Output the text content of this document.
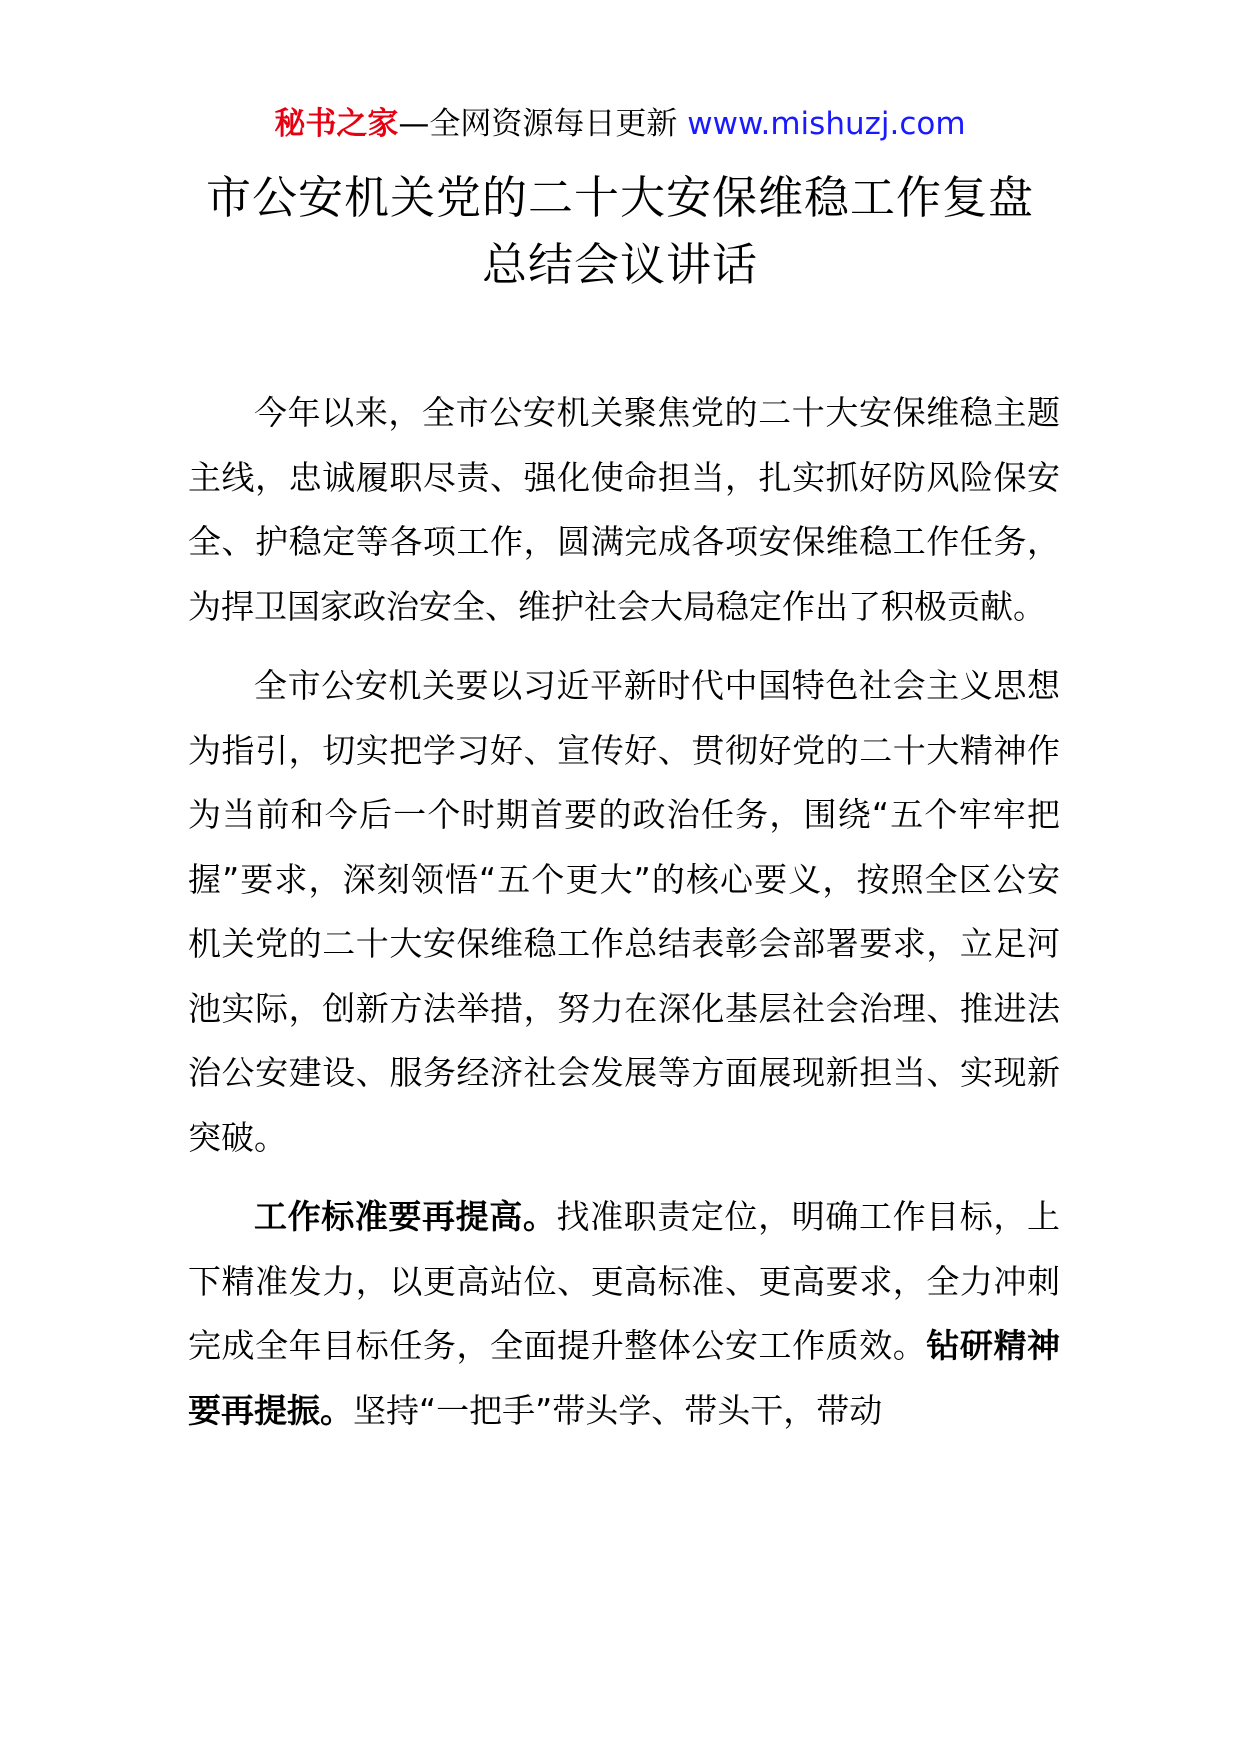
秘书之家—全网资源每日更新 www.mishuzj.com
市公安机关党的二十大安保维稳工作复盘
总结会议讲话

今年以来，全市公安机关聚焦党的二十大安保维稳主题主线，忠诚履职尽责、强化使命担当，扎实抓好防风险保安全、护稳定等各项工作，圆满完成各项安保维稳工作任务，为捍卫国家政治安全、维护社会大局稳定作出了积极贡献。

全市公安机关要以习近平新时代中国特色社会主义思想为指引，切实把学习好、宣传好、贯彻好党的二十大精神作为当前和今后一个时期首要的政治任务，围绕“五个牢牢把握”要求，深刻领悟“五个更大”的核心要义，按照全区公安机关党的二十大安保维稳工作总结表彰会部署要求，立足河池实际，创新方法举措，努力在深化基层社会治理、推进法治公安建设、服务经济社会发展等方面展现新担当、实现新突破。

工作标准要再提高。找准职责定位，明确工作目标，上下精准发力，以更高站位、更高标准、更高要求，全力冲刺完成全年目标任务，全面提升整体公安工作质效。钻研精神要再提振。坚持“一把手”带头学、带头干，带动
